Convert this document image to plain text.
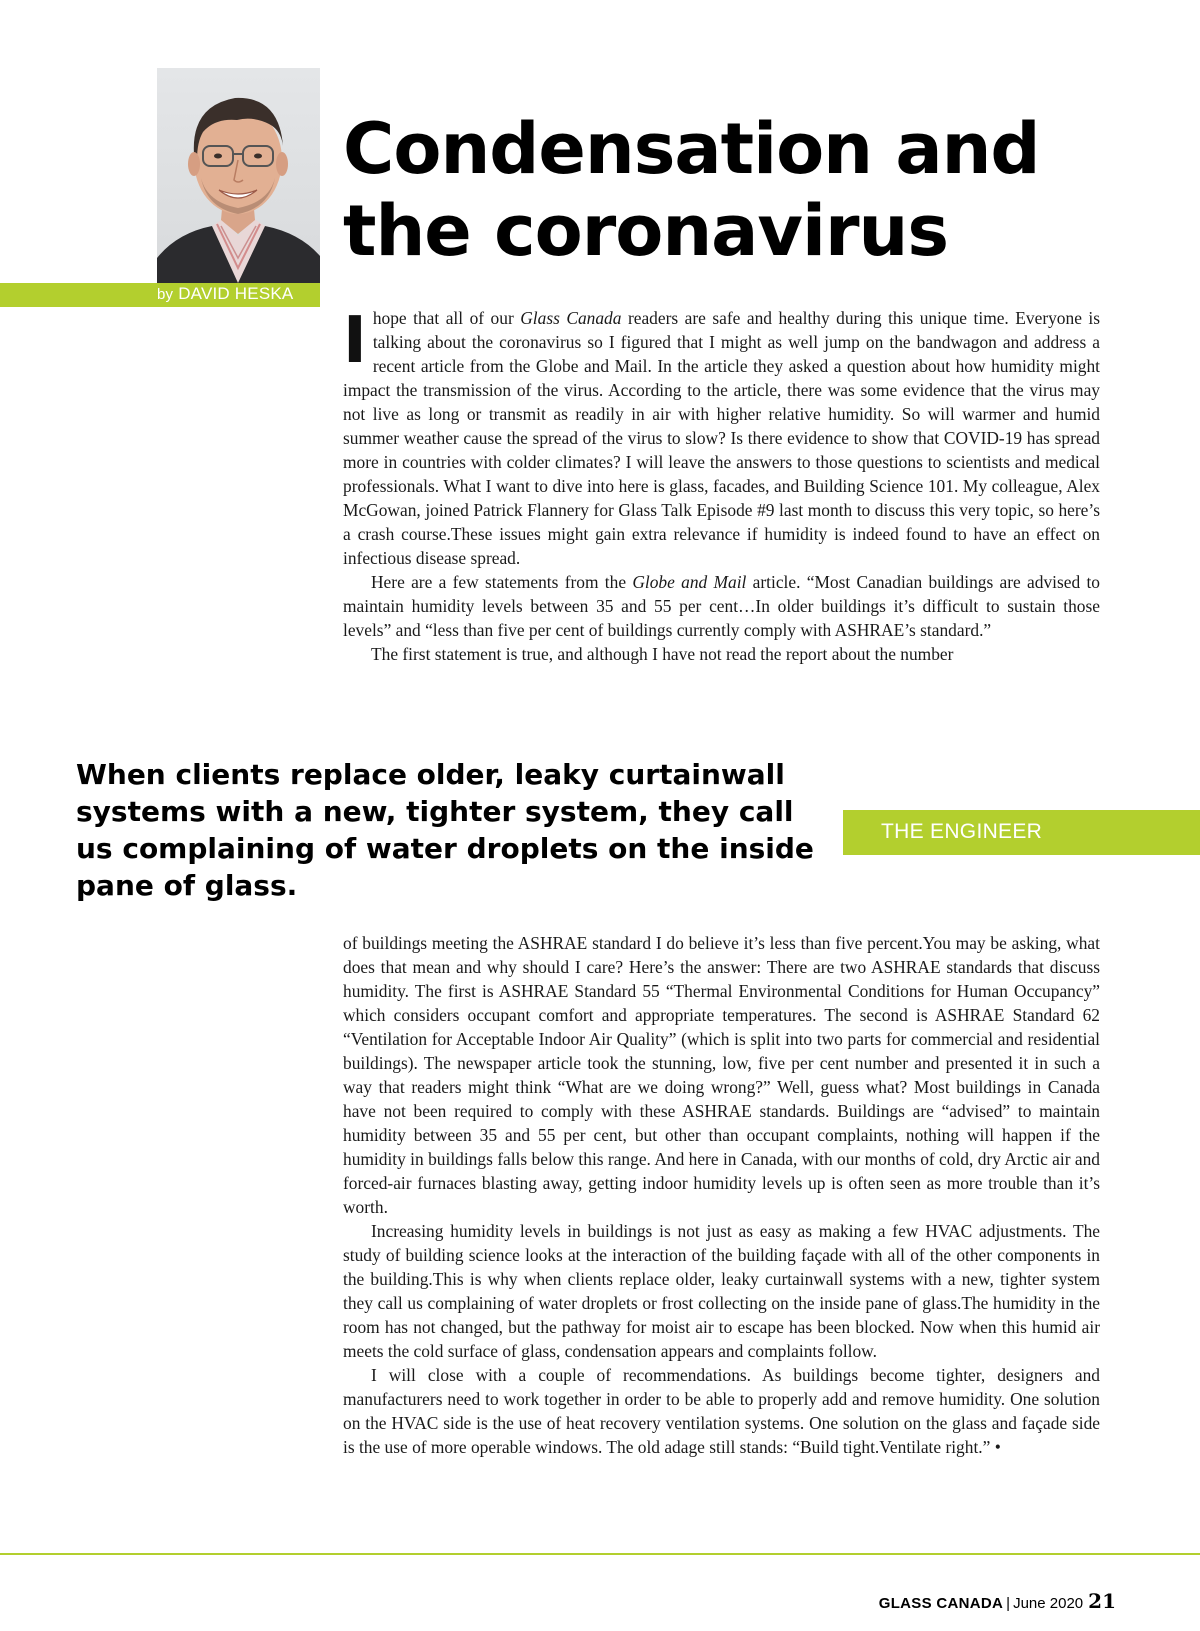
by DAVID HESKA
Condensation and
the coronavirus

Ihope that all of our Glass Canada readers are safe and healthy during this unique time. Everyone is talking about the coronavirus so I figured that I might as well jump on the bandwagon and address a recent article from the Globe and Mail. In the article they asked a question about how humidity might impact the transmission of the virus. According to the article, there was some evidence that the virus may not live as long or transmit as readily in air with higher relative humidity. So will warmer and humid summer weather cause the spread of the virus to slow? Is there evidence to show that COVID-19 has spread more in countries with colder climates? I will leave the answers to those questions to scientists and medical professionals. What I want to dive into here is glass, facades, and Building Science 101. My colleague, Alex McGowan, joined Patrick Flannery for Glass Talk Episode #9 last month to discuss this very topic, so here’s a crash course.These issues might gain extra relevance if humidity is indeed found to have an effect on infectious disease spread.

Here are a few statements from the Globe and Mail article. “Most Canadian buildings are advised to maintain humidity levels between 35 and 55 per cent…In older buildings it’s difficult to sustain those levels” and “less than five per cent of buildings currently comply with ASHRAE’s standard.”

The first statement is true, and although I have not read the report about the number

When clients replace older, leaky curtainwall systems with a new, tighter system, they call us complaining of water droplets on the inside pane of glass.

THE ENGINEER

of buildings meeting the ASHRAE standard I do believe it’s less than five percent.You may be asking, what does that mean and why should I care? Here’s the answer: There are two ASHRAE standards that discuss humidity. The first is ASHRAE Standard 55 “Thermal Environmental Conditions for Human Occupancy” which considers occupant comfort and appropriate temperatures. The second is ASHRAE Standard 62 “Ventilation for Acceptable Indoor Air Quality” (which is split into two parts for commercial and residential buildings). The newspaper article took the stunning, low, five per cent number and presented it in such a way that readers might think “What are we doing wrong?” Well, guess what? Most buildings in Canada have not been required to comply with these ASHRAE standards. Buildings are “advised” to maintain humidity between 35 and 55 per cent, but other than occupant complaints, nothing will happen if the humidity in buildings falls below this range. And here in Canada, with our months of cold, dry Arctic air and forced-air furnaces blasting away, getting indoor humidity levels up is often seen as more trouble than it’s worth.

Increasing humidity levels in buildings is not just as easy as making a few HVAC adjustments. The study of building science looks at the interaction of the building façade with all of the other components in the building.This is why when clients replace older, leaky curtainwall systems with a new, tighter system they call us complaining of water droplets or frost collecting on the inside pane of glass.The humidity in the room has not changed, but the pathway for moist air to escape has been blocked. Now when this humid air meets the cold surface of glass, condensation appears and complaints follow.

I will close with a couple of recommendations. As buildings become tighter, designers and manufacturers need to work together in order to be able to properly add and remove humidity. One solution on the HVAC side is the use of heat recovery ventilation systems. One solution on the glass and façade side is the use of more operable windows. The old adage still stands: “Build tight.Ventilate right.” •

GLASS CANADA | June 2020 21
